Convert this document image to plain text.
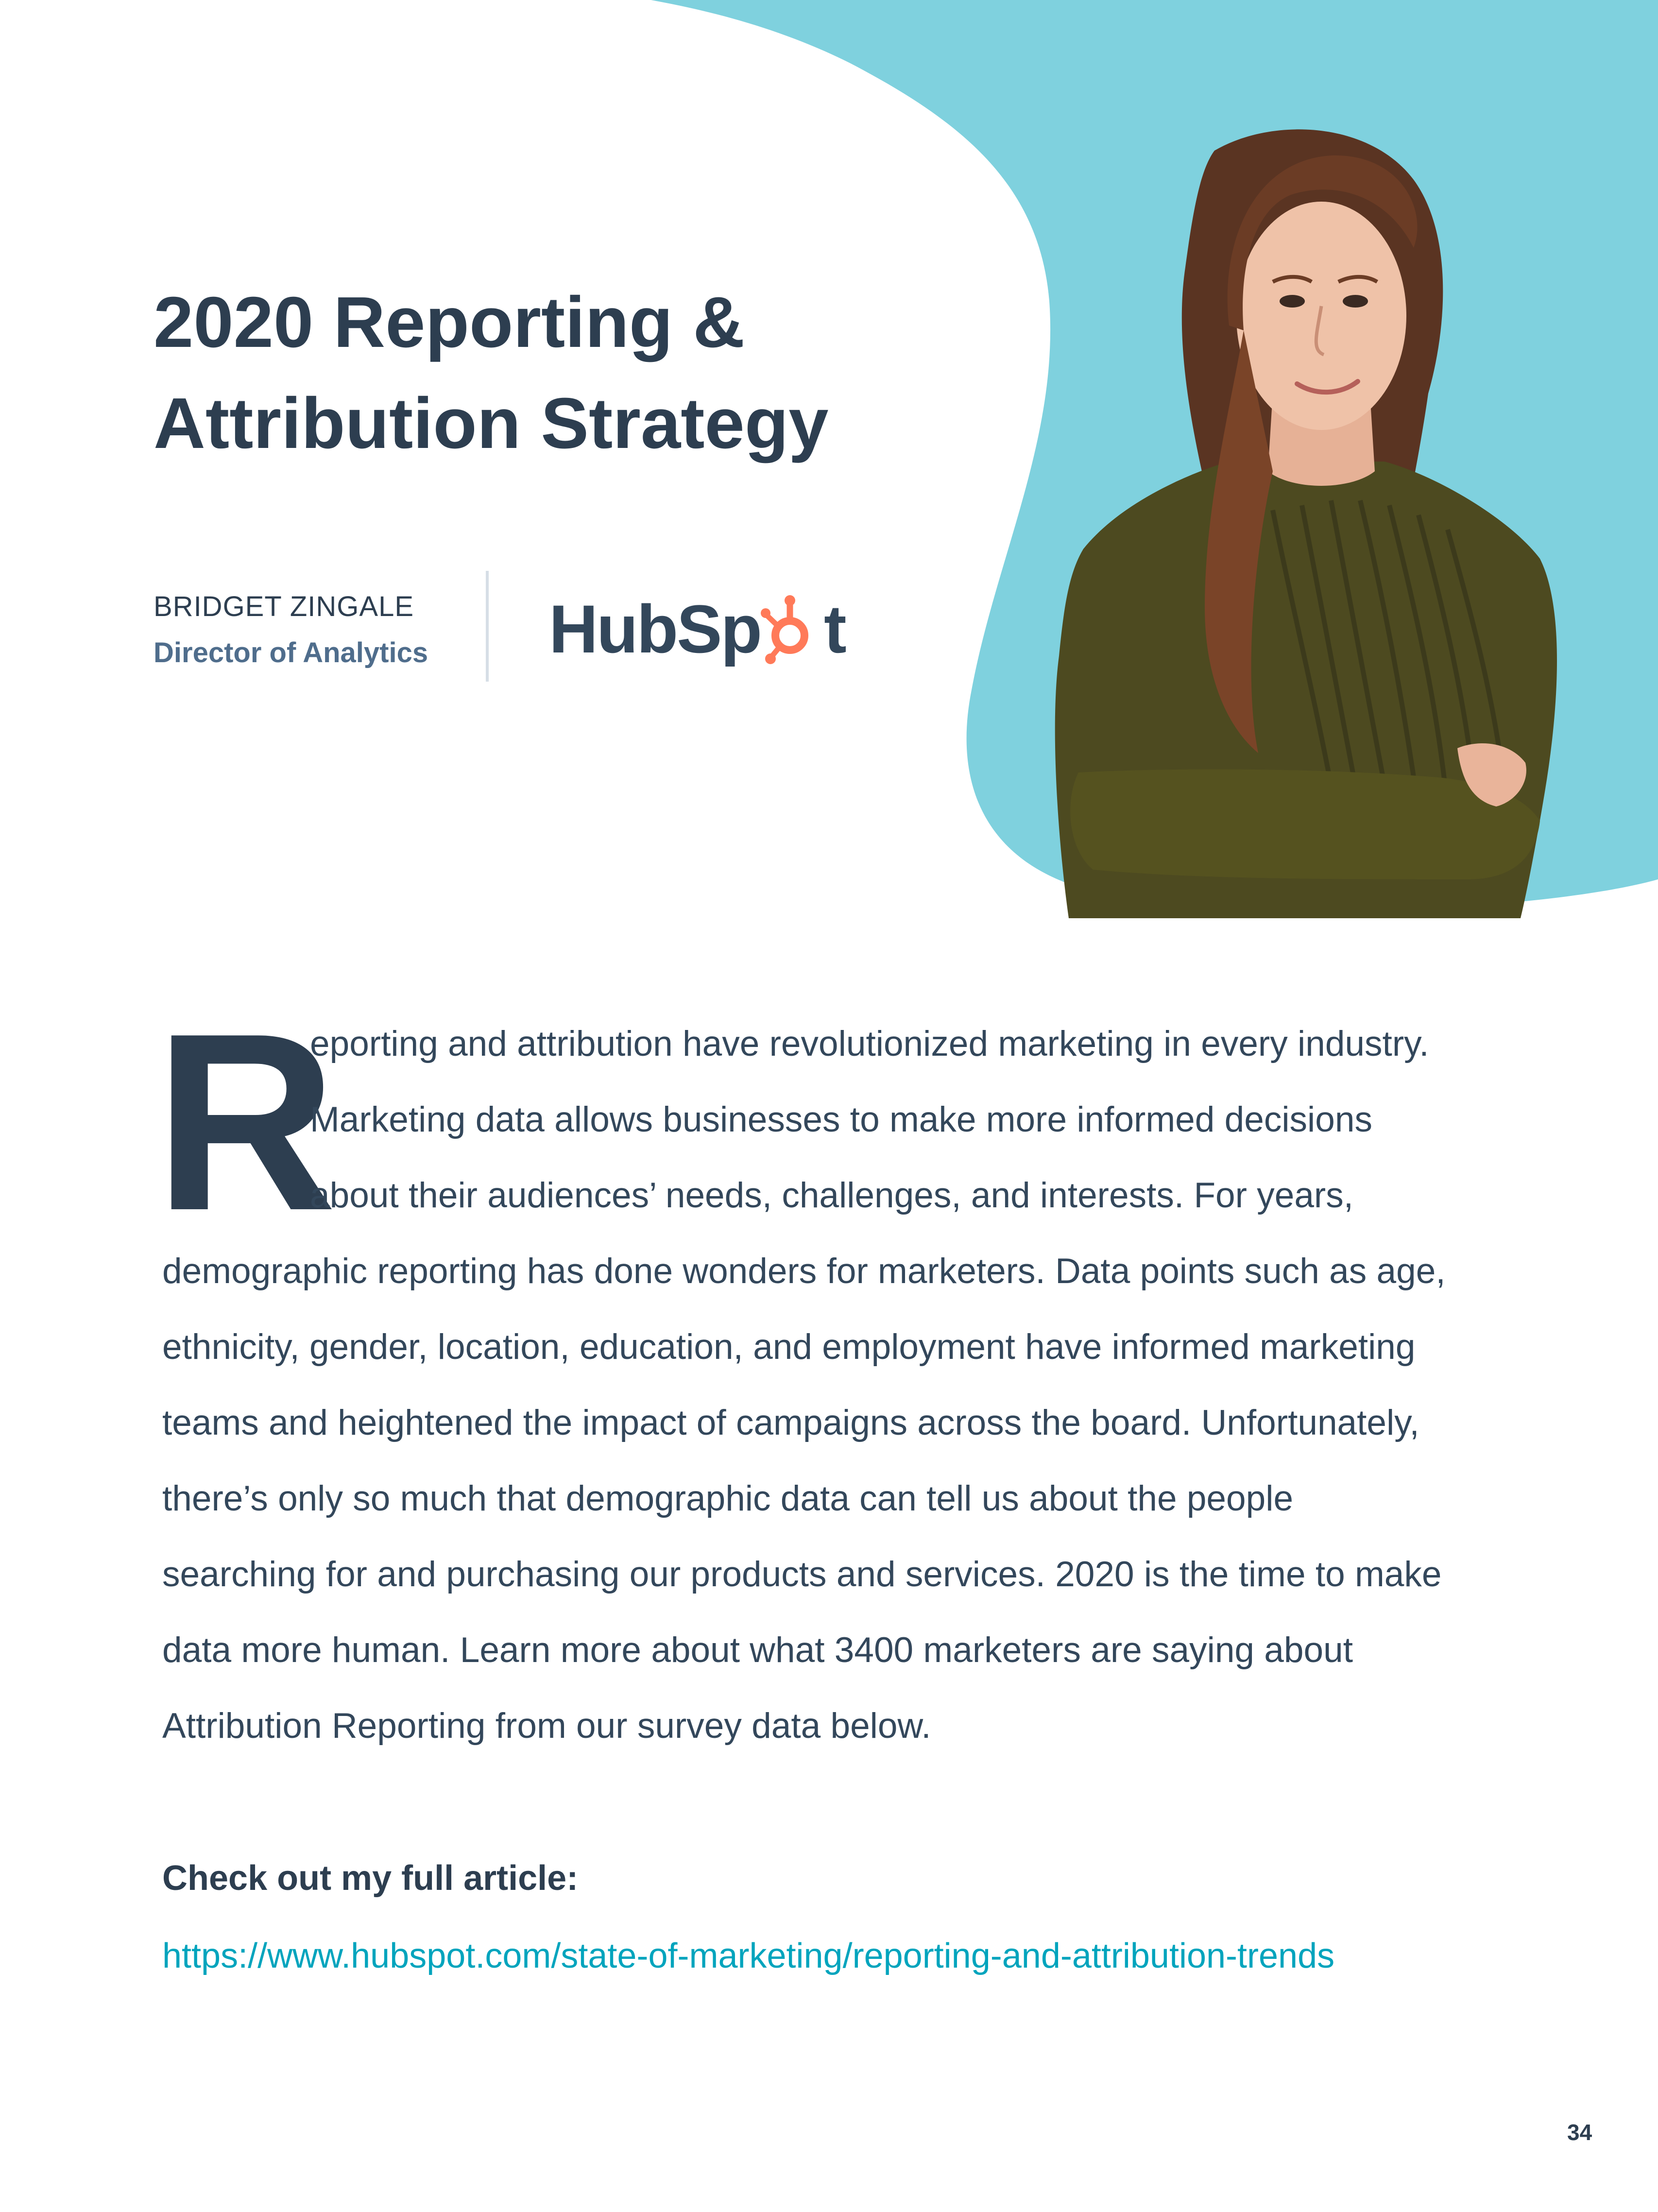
2020 Reporting &
Attribution Strategy
BRIDGET ZINGALE
Director of Analytics HubSp t
R
eporting and attribution have revolutionized marketing in every industry.
Marketing data allows businesses to make more informed decisions
about their audiences’ needs, challenges, and interests. For years,
demographic reporting has done wonders for marketers. Data points such as age,
ethnicity, gender, location, education, and employment have informed marketing
teams and heightened the impact of campaigns across the board. Unfortunately,
there’s only so much that demographic data can tell us about the people
searching for and purchasing our products and services. 2020 is the time to make
data more human. Learn more about what 3400 marketers are saying about
Attribution Reporting from our survey data below.
Check out my full article:
https://www.hubspot.com/state-of-marketing/reporting-and-attribution-trends
34
